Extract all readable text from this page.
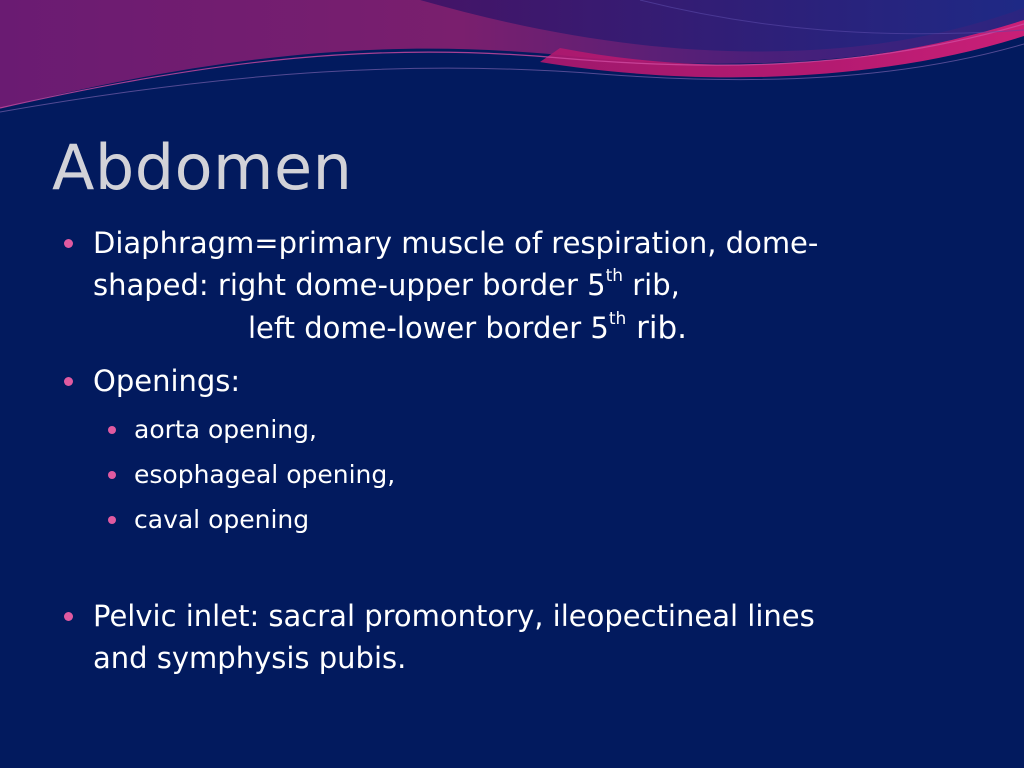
Abdomen
Diaphragm=primary muscle of respiration, dome-
shaped: right dome-upper border 5th rib,
left dome-lower border 5th rib.
Openings:
aorta opening,
esophageal opening,
caval opening
Pelvic inlet: sacral promontory, ileopectineal lines
and symphysis pubis.
